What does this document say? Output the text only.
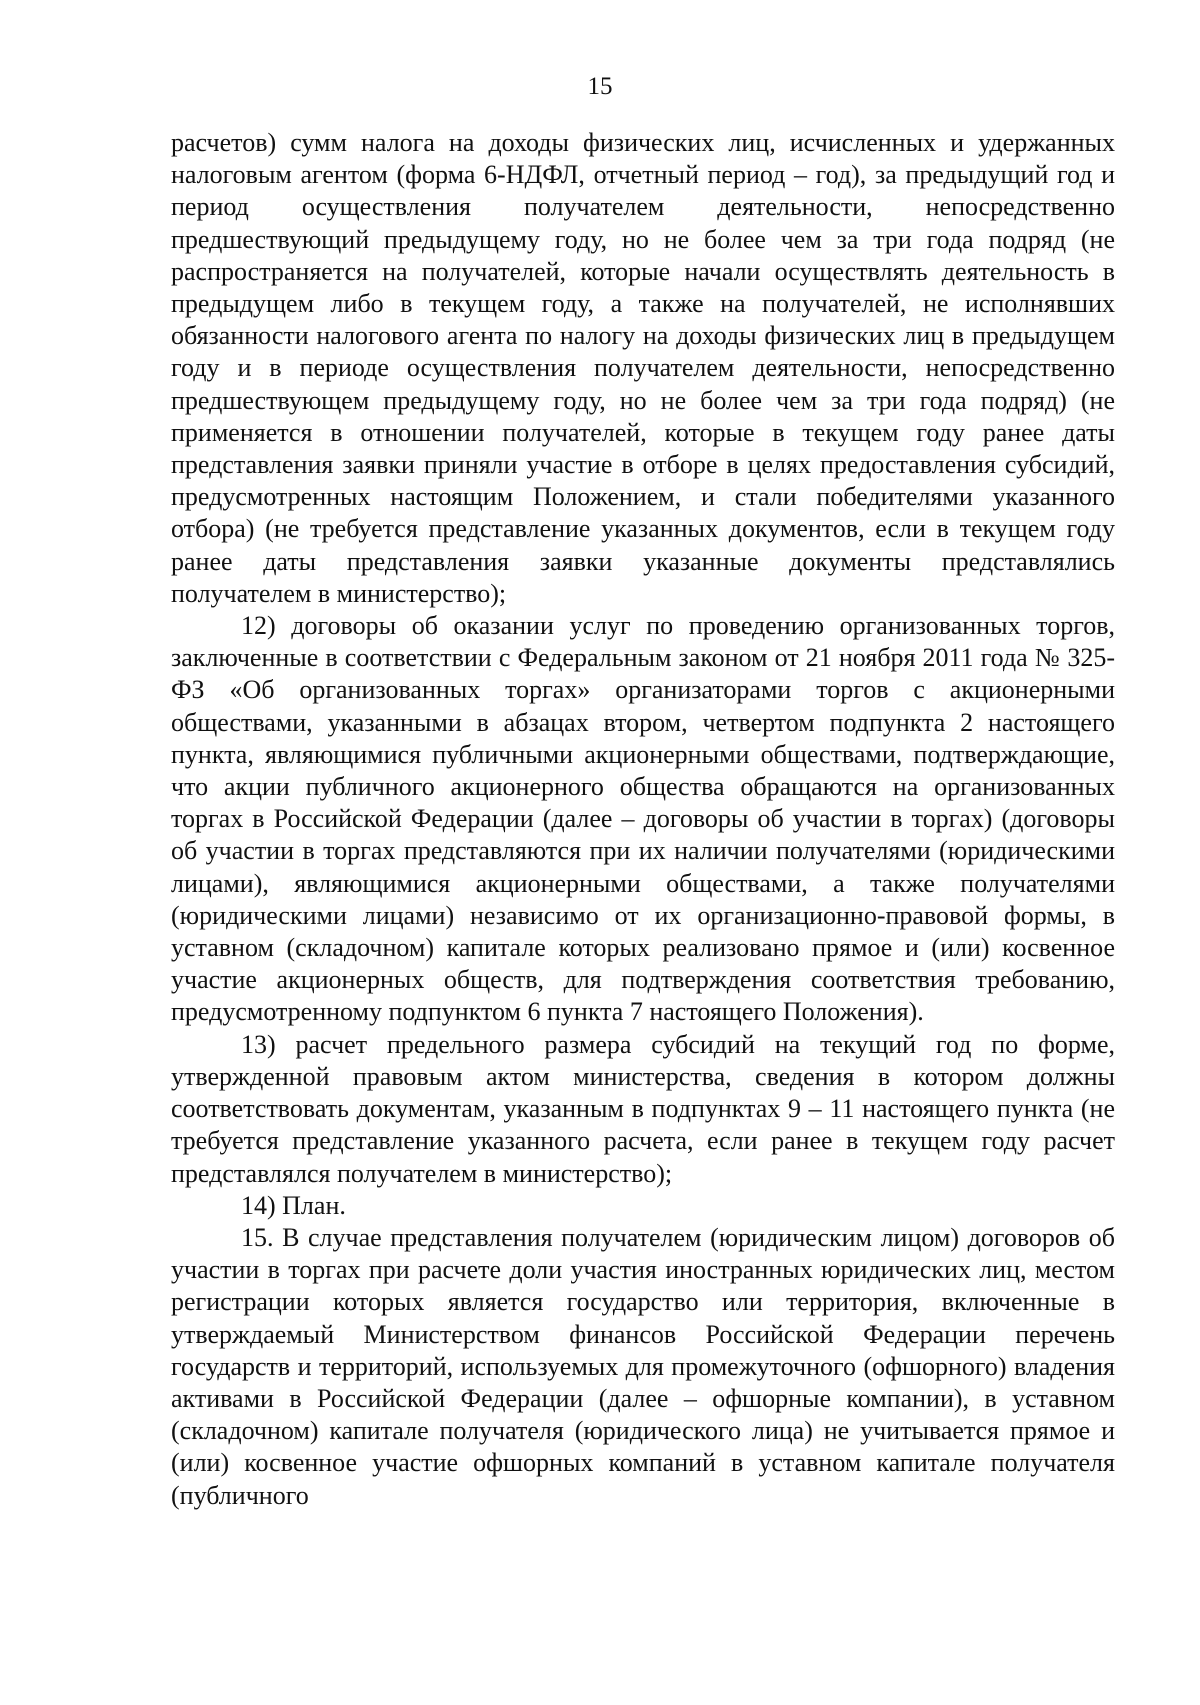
15

расчетов) сумм налога на доходы физических лиц, исчисленных и удержанных налоговым агентом (форма 6-НДФЛ, отчетный период – год), за предыдущий год и период осуществления получателем деятельности, непосредственно предшествующий предыдущему году, но не более чем за три года подряд (не распространяется на получателей, которые начали осуществлять деятельность в предыдущем либо в текущем году, а также на получателей, не исполнявших обязанности налогового агента по налогу на доходы физических лиц в предыдущем году и в периоде осуществления получателем деятельности, непосредственно предшествующем предыдущему году, но не более чем за три года подряд) (не применяется в отношении получателей, которые в текущем году ранее даты представления заявки приняли участие в отборе в целях предоставления субсидий, предусмотренных настоящим Положением, и стали победителями указанного отбора) (не требуется представление указанных документов, если в текущем году ранее даты представления заявки указанные документы представлялись получателем в министерство);

12) договоры об оказании услуг по проведению организованных торгов, заключенные в соответствии с Федеральным законом от 21 ноября 2011 года № 325-ФЗ «Об организованных торгах» организаторами торгов с акционерными обществами, указанными в абзацах втором, четвертом подпункта 2 настоящего пункта, являющимися публичными акционерными обществами, подтверждающие, что акции публичного акционерного общества обращаются на организованных торгах в Российской Федерации (далее – договоры об участии в торгах) (договоры об участии в торгах представляются при их наличии получателями (юридическими лицами), являющимися акционерными обществами, а также получателями (юридическими лицами) независимо от их организационно-правовой формы, в уставном (складочном) капитале которых реализовано прямое и (или) косвенное участие акционерных обществ, для подтверждения соответствия требованию, предусмотренному подпунктом 6 пункта 7 настоящего Положения).

13) расчет предельного размера субсидий на текущий год по форме, утвержденной правовым актом министерства, сведения в котором должны соответствовать документам, указанным в подпунктах 9 – 11 настоящего пункта (не требуется представление указанного расчета, если ранее в текущем году расчет представлялся получателем в министерство);

14) План.

15. В случае представления получателем (юридическим лицом) договоров об участии в торгах при расчете доли участия иностранных юридических лиц, местом регистрации которых является государство или территория, включенные в утверждаемый Министерством финансов Российской Федерации перечень государств и территорий, используемых для промежуточного (офшорного) владения активами в Российской Федерации (далее – офшорные компании), в уставном (складочном) капитале получателя (юридического лица) не учитывается прямое и (или) косвенное участие офшорных компаний в уставном капитале получателя (публичного
